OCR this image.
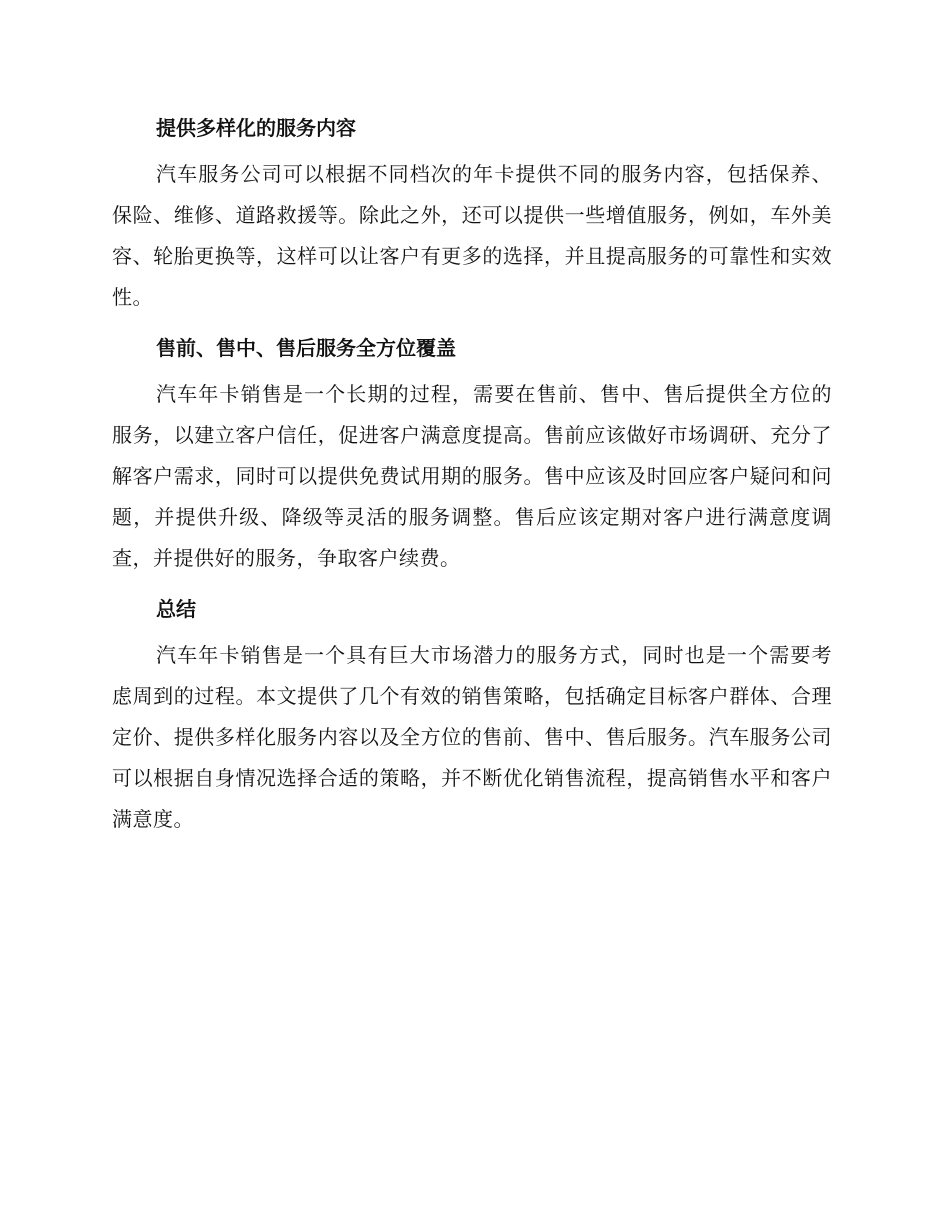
提供多样化的服务内容

汽车服务公司可以根据不同档次的年卡提供不同的服务内容，包括保养、保险、维修、道路救援等。除此之外，还可以提供一些增值服务，例如，车外美容、轮胎更换等，这样可以让客户有更多的选择，并且提高服务的可靠性和实效性。

售前、售中、售后服务全方位覆盖

汽车年卡销售是一个长期的过程，需要在售前、售中、售后提供全方位的服务，以建立客户信任，促进客户满意度提高。售前应该做好市场调研、充分了解客户需求，同时可以提供免费试用期的服务。售中应该及时回应客户疑问和问题，并提供升级、降级等灵活的服务调整。售后应该定期对客户进行满意度调查，并提供好的服务，争取客户续费。

总结

汽车年卡销售是一个具有巨大市场潜力的服务方式，同时也是一个需要考虑周到的过程。本文提供了几个有效的销售策略，包括确定目标客户群体、合理定价、提供多样化服务内容以及全方位的售前、售中、售后服务。汽车服务公司可以根据自身情况选择合适的策略，并不断优化销售流程，提高销售水平和客户满意度。
